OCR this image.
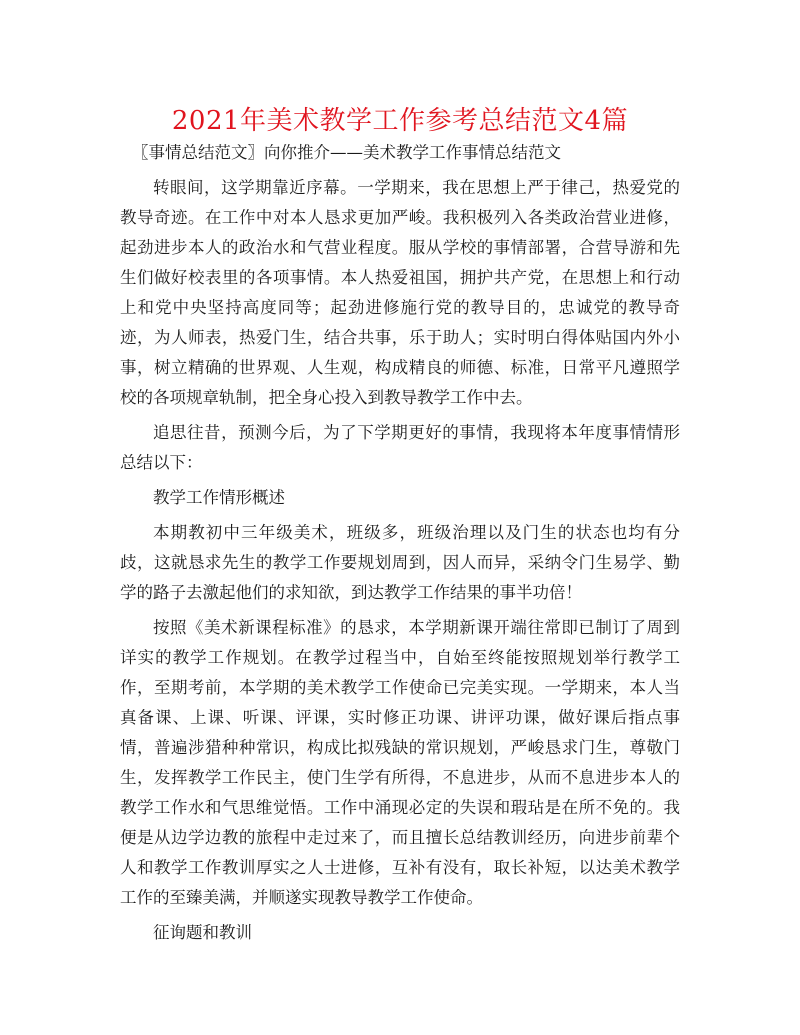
2021年美术教学工作参考总结范文4篇

〖事情总结范文〗向你推介——美术教学工作事情总结范文

转眼间，这学期靠近序幕。一学期来，我在思想上严于律己，热爱党的教导奇迹。在工作中对本人恳求更加严峻。我积极列入各类政治营业进修，起劲进步本人的政治水和气营业程度。服从学校的事情部署，合营导游和先生们做好校表里的各项事情。本人热爱祖国，拥护共产党，在思想上和行动上和党中央坚持高度同等；起劲进修施行党的教导目的，忠诚党的教导奇迹，为人师表，热爱门生，结合共事，乐于助人；实时明白得体贴国内外小事，树立精确的世界观、人生观，构成精良的师德、标准，日常平凡遵照学校的各项规章轨制，把全身心投入到教导教学工作中去。

追思往昔，预测今后，为了下学期更好的事情，我现将本年度事情情形总结以下：

教学工作情形概述

本期教初中三年级美术，班级多，班级治理以及门生的状态也均有分歧，这就恳求先生的教学工作要规划周到，因人而异，采纳令门生易学、勤学的路子去激起他们的求知欲，到达教学工作结果的事半功倍！

按照《美术新课程标准》的恳求，本学期新课开端往常即已制订了周到详实的教学工作规划。在教学过程当中，自始至终能按照规划举行教学工作，至期考前，本学期的美术教学工作使命已完美实现。一学期来，本人当真备课、上课、听课、评课，实时修正功课、讲评功课，做好课后指点事情，普遍涉猎种种常识，构成比拟残缺的常识规划，严峻恳求门生，尊敬门生，发挥教学工作民主，使门生学有所得，不息进步，从而不息进步本人的教学工作水和气思维觉悟。工作中涌现必定的失误和瑕玷是在所不免的。我便是从边学边教的旅程中走过来了，而且擅长总结教训经历，向进步前辈个人和教学工作教训厚实之人士进修，互补有没有，取长补短，以达美术教学工作的至臻美满，并顺遂实现教导教学工作使命。

征询题和教训
